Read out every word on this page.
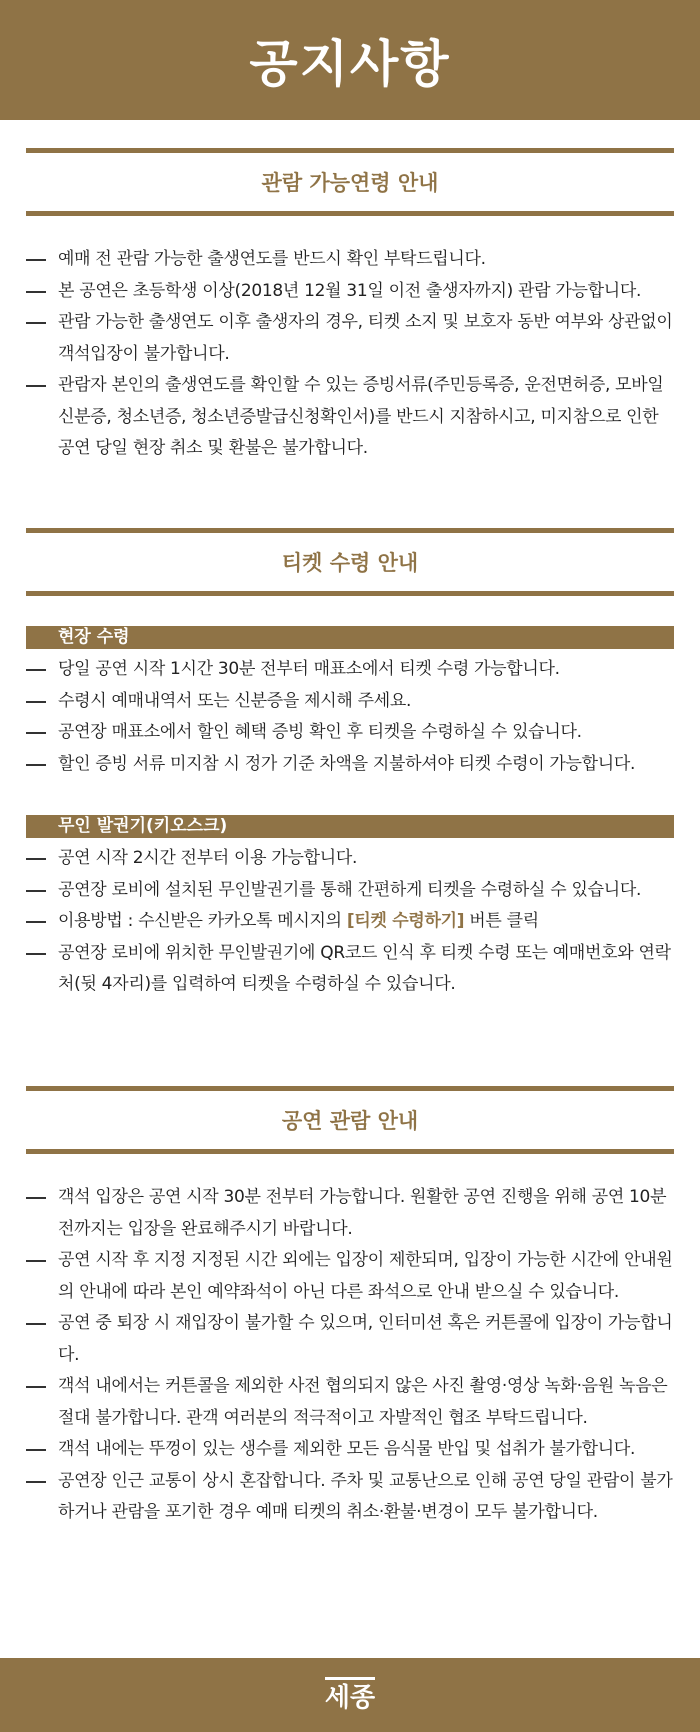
공지사항
관람 가능연령 안내
예매 전 관람 가능한 출생연도를 반드시 확인 부탁드립니다.
본 공연은 초등학생 이상(2018년 12월 31일 이전 출생자까지) 관람 가능합니다.
관람 가능한 출생연도 이후 출생자의 경우, 티켓 소지 및 보호자 동반 여부와 상관없이 객석입장이 불가합니다.
관람자 본인의 출생연도를 확인할 수 있는 증빙서류(주민등록증, 운전면허증, 모바일 신분증, 청소년증, 청소년증발급신청확인서)를 반드시 지참하시고, 미지참으로 인한 공연 당일 현장 취소 및 환불은 불가합니다.
티켓 수령 안내
현장 수령
당일 공연 시작 1시간 30분 전부터 매표소에서 티켓 수령 가능합니다.
수령시 예매내역서 또는 신분증을 제시해 주세요.
공연장 매표소에서 할인 혜택 증빙 확인 후 티켓을 수령하실 수 있습니다.
할인 증빙 서류 미지참 시 정가 기준 차액을 지불하셔야 티켓 수령이 가능합니다.
무인 발권기(키오스크)
공연 시작 2시간 전부터 이용 가능합니다.
공연장 로비에 설치된 무인발권기를 통해 간편하게 티켓을 수령하실 수 있습니다.
이용방법 : 수신받은 카카오톡 메시지의 [티켓 수령하기] 버튼 클릭
공연장 로비에 위치한 무인발권기에 QR코드 인식 후 티켓 수령 또는 예매번호와 연락처(뒷 4자리)를 입력하여 티켓을 수령하실 수 있습니다.
공연 관람 안내
객석 입장은 공연 시작 30분 전부터 가능합니다. 원활한 공연 진행을 위해 공연 10분전까지는 입장을 완료해주시기 바랍니다.
공연 시작 후 지정 지정된 시간 외에는 입장이 제한되며, 입장이 가능한 시간에 안내원의 안내에 따라 본인 예약좌석이 아닌 다른 좌석으로 안내 받으실 수 있습니다.
공연 중 퇴장 시 재입장이 불가할 수 있으며, 인터미션 혹은 커튼콜에 입장이 가능합니다.
객석 내에서는 커튼콜을 제외한 사전 협의되지 않은 사진 촬영·영상 녹화·음원 녹음은 절대 불가합니다. 관객 여러분의 적극적이고 자발적인 협조 부탁드립니다.
객석 내에는 뚜껑이 있는 생수를 제외한 모든 음식물 반입 및 섭취가 불가합니다.
공연장 인근 교통이 상시 혼잡합니다. 주차 및 교통난으로 인해 공연 당일 관람이 불가하거나 관람을 포기한 경우 예매 티켓의 취소·환불·변경이 모두 불가합니다.
세종
